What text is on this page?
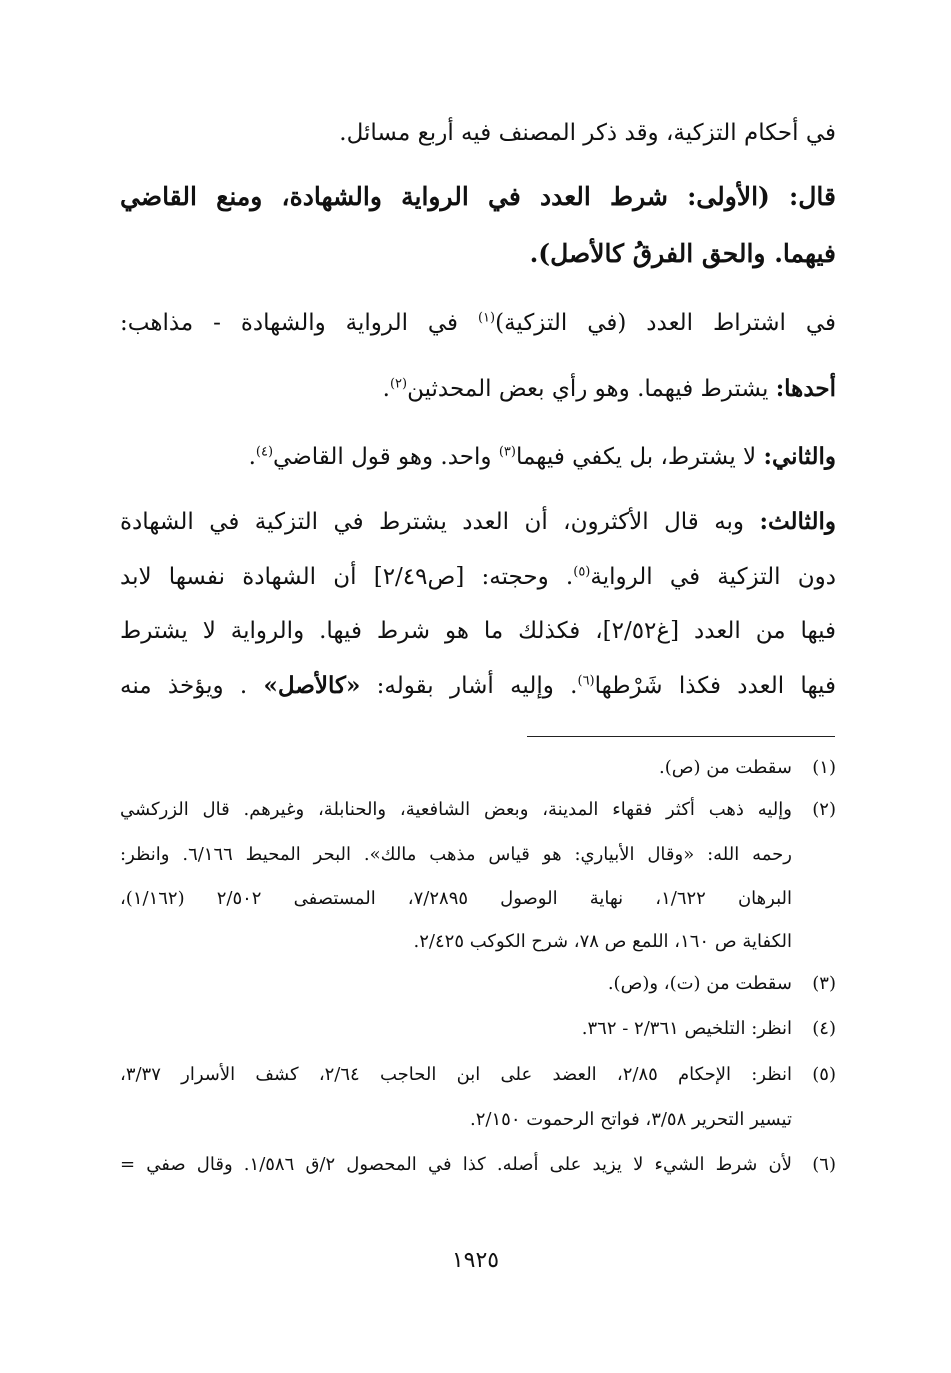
في أحكام التزكية، وقد ذكر المصنف فيه أربع مسائل.
قال: (الأولى: شرط العدد في الرواية والشهادة، ومنع القاضي
فيهما. والحق الفرقُ كالأصل).
في اشتراط العدد (في التزكية)$^{(١)}$ في الرواية والشهادة - مذاهب:
أحدها: يشترط فيهما. وهو رأي بعض المحدثين$^{(٢)}$.
والثاني: لا يشترط، بل يكفي فيهما$^{(٣)}$ واحد. وهو قول القاضي$^{(٤)}$.
والثالث: وبه قال الأكثرون، أن العدد يشترط في التزكية في الشهادة
دون التزكية في الرواية$^{(٥)}$. وحجته: [ص٢/٤٩] أن الشهادة نفسها لابد
فيها من العدد [غ٢/٥٢]، فكذلك ما هو شرط فيها. والرواية لا يشترط
فيها العدد فكذا شَرْطها$^{(٦)}$. وإليه أشار بقوله: «كالأصل» . ويؤخذ منه
(١)سقطت من (ص).
(٢)وإليه ذهب أكثر فقهاء المدينة، وبعض الشافعية، والحنابلة، وغيرهم. قال الزركشي
رحمه الله: «وقال الأبياري: هو قياس مذهب مالك». البحر المحيط ٦/١٦٦. وانظر:
البرهان ١/٦٢٢، نهاية الوصول ٧/٢٨٩٥، المستصفى ٢/٥٠٢ (١/١٦٢)،
الكفاية ص ١٦٠، اللمع ص ٧٨، شرح الكوكب ٢/٤٢٥.
(٣)سقطت من (ت)، و(ص).
(٤)انظر: التلخيص ٢/٣٦١ - ٣٦٢.
(٥)انظر: الإحكام ٢/٨٥، العضد على ابن الحاجب ٢/٦٤، كشف الأسرار ٣/٣٧،
تيسير التحرير ٣/٥٨، فواتح الرحموت ٢/١٥٠.
(٦)لأن شرط الشيء لا يزيد على أصله. كذا في المحصول ٢/ق ١/٥٨٦. وقال صفي =
١٩٢٥
